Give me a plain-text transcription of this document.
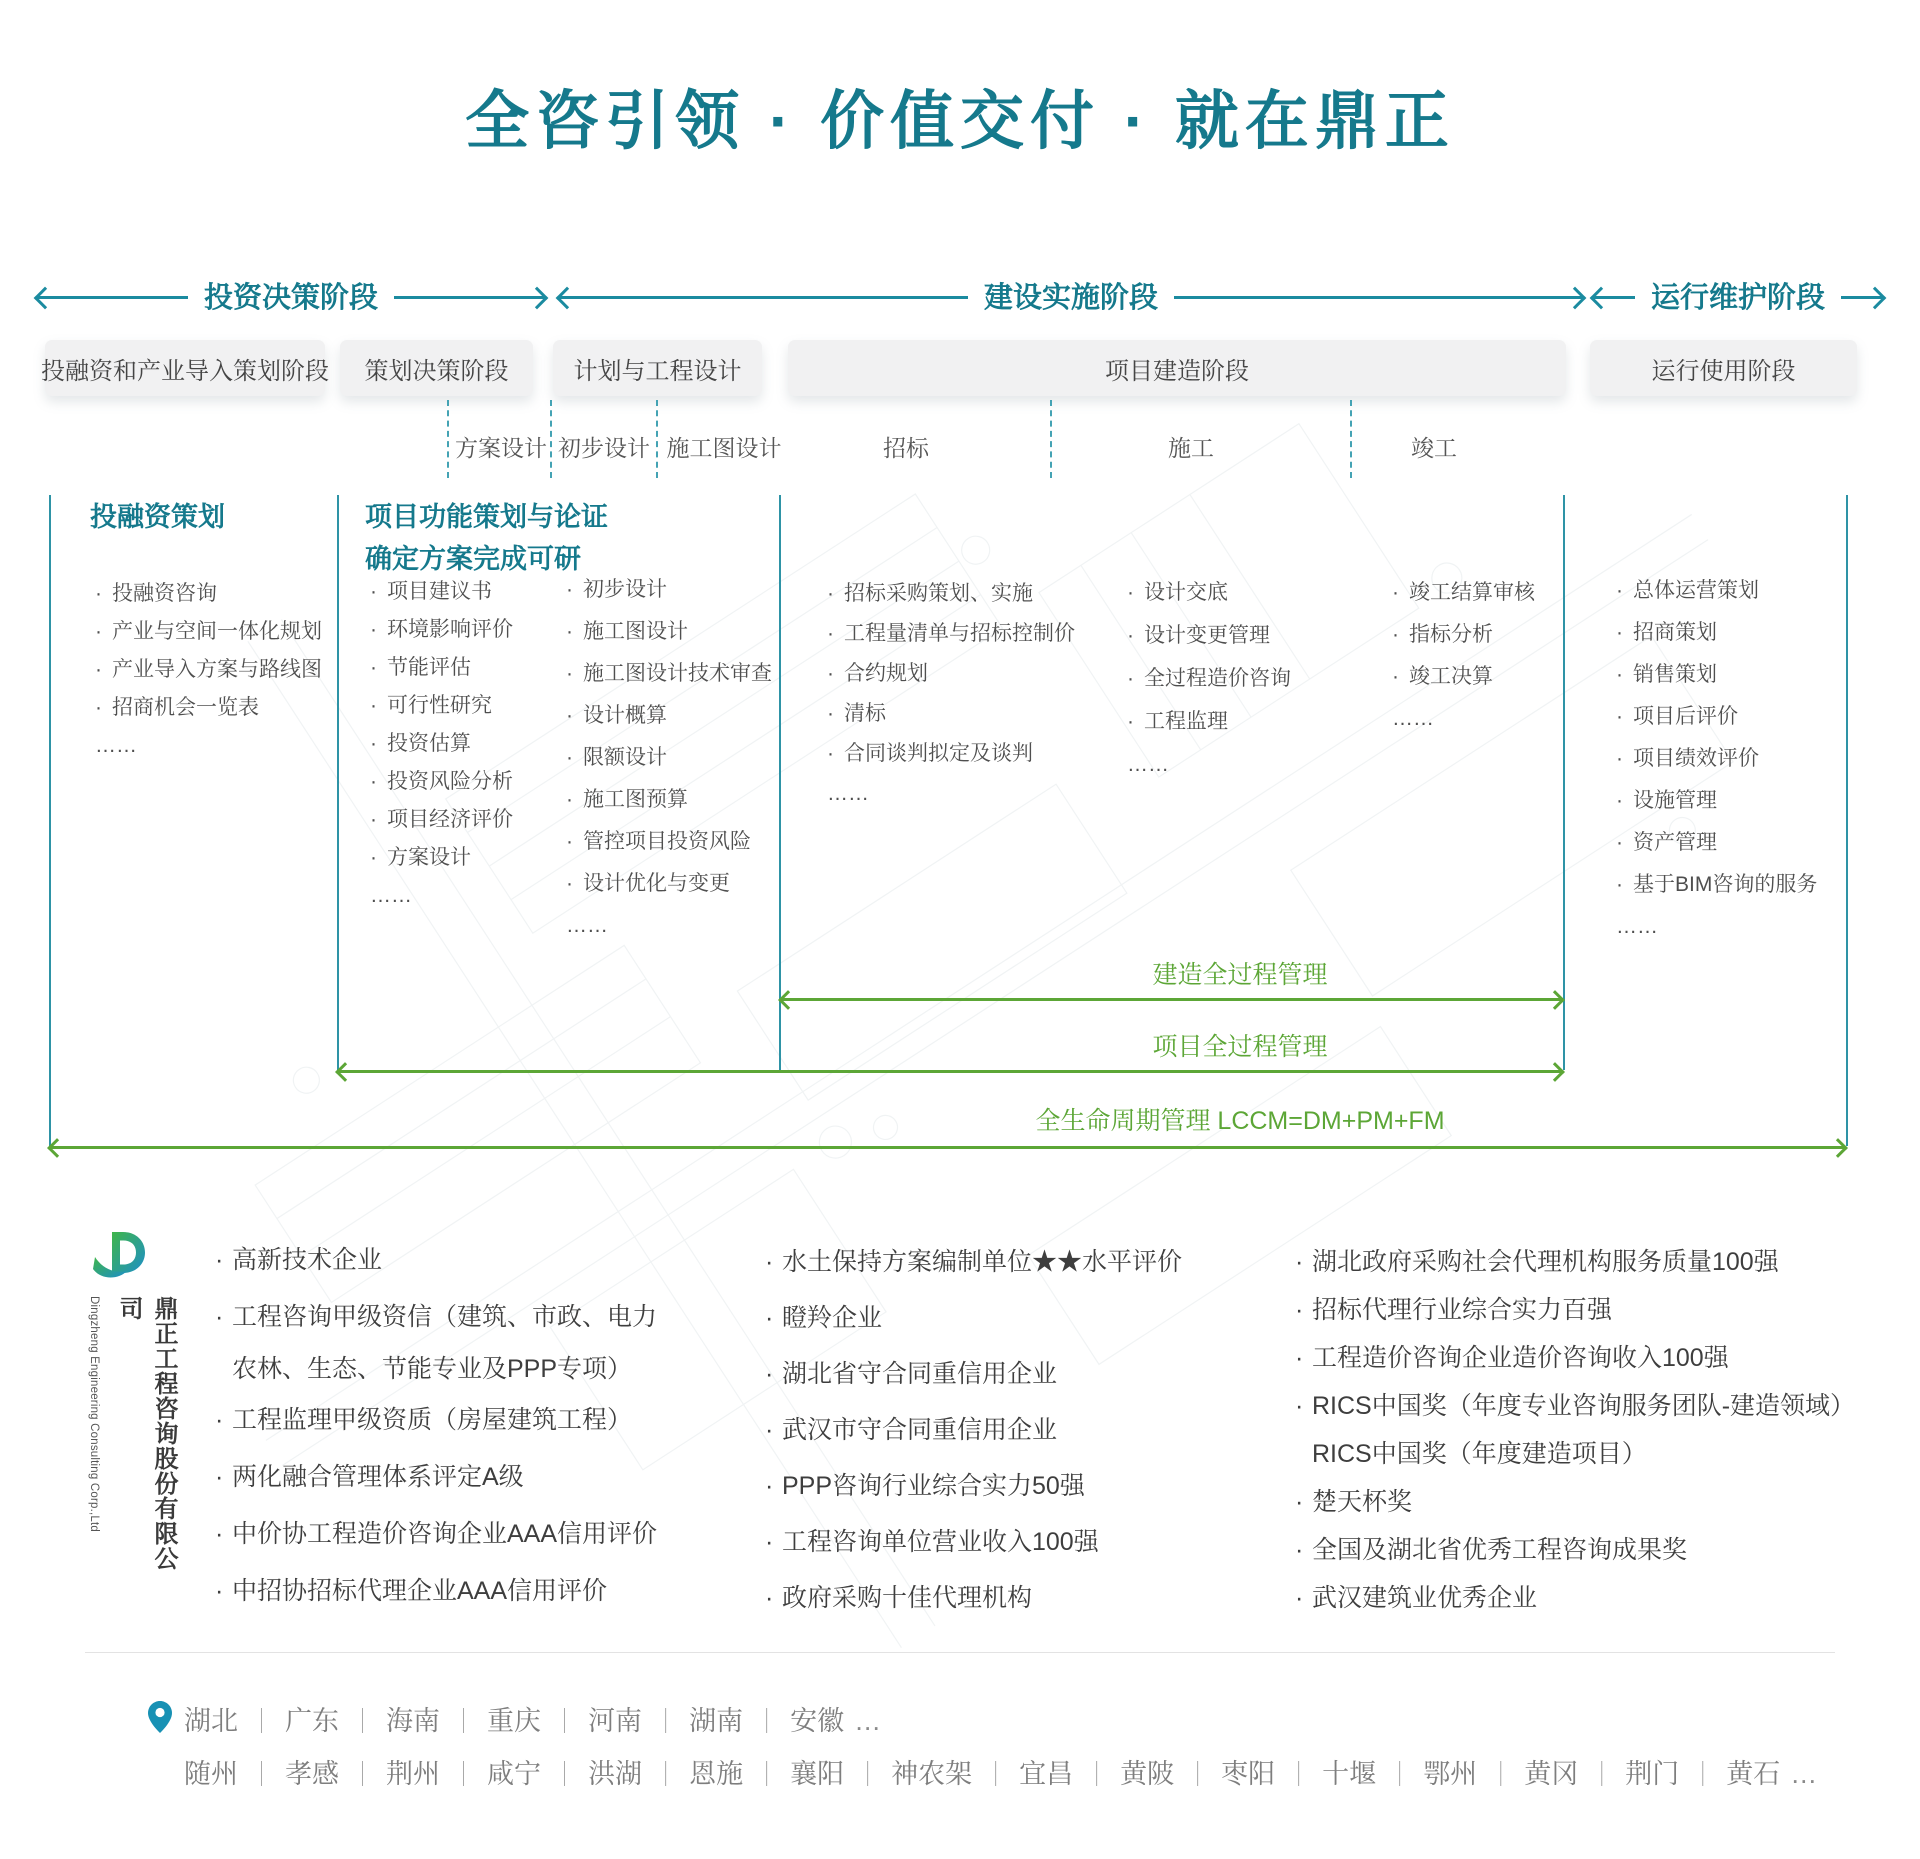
全咨引领 · 价值交付 · 就在鼎正
投资决策阶段	建设实施阶段	运行维护阶段
投融资和产业导入策划阶段	策划决策阶段	计划与工程设计	项目建造阶段	运行使用阶段
方案设计 初步设计 施工图设计	招标	施工	竣工
投融资策划	项目功能策划与论证
确定方案完成可研
· 投融资咨询
· 产业与空间一体化规划
· 产业导入方案与路线图
· 招商机会一览表
……
· 项目建议书
· 环境影响评价
· 节能评估
· 可行性研究
· 投资估算
· 投资风险分析
· 项目经济评价
· 方案设计
……
· 初步设计
· 施工图设计
· 施工图设计技术审查
· 设计概算
· 限额设计
· 施工图预算
· 管控项目投资风险
· 设计优化与变更
……
· 招标采购策划、实施
· 工程量清单与招标控制价
· 合约规划
· 清标
· 合同谈判拟定及谈判
……
· 设计交底
· 设计变更管理
· 全过程造价咨询
· 工程监理
……
· 竣工结算审核
· 指标分析
· 竣工决算
……
· 总体运营策划
· 招商策划
· 销售策划
· 项目后评价
· 项目绩效评价
· 设施管理
· 资产管理
· 基于BIM咨询的服务
……
建造全过程管理
项目全过程管理
全生命周期管理 LCCM=DM+PM+FM
鼎正工程咨询股份有限公司
Dingzheng Engineering Consulting Corp.,Ltd
· 高新技术企业
· 工程咨询甲级资信（建筑、市政、电力
农林、生态、节能专业及PPP专项）
· 工程监理甲级资质（房屋建筑工程）
· 两化融合管理体系评定A级
· 中价协工程造价咨询企业AAA信用评价
· 中招协招标代理企业AAA信用评价
· 水土保持方案编制单位★★水平评价
· 瞪羚企业
· 湖北省守合同重信用企业
· 武汉市守合同重信用企业
· PPP咨询行业综合实力50强
· 工程咨询单位营业收入100强
· 政府采购十佳代理机构
· 湖北政府采购社会代理机构服务质量100强
· 招标代理行业综合实力百强
· 工程造价咨询企业造价咨询收入100强
· RICS中国奖（年度专业咨询服务团队-建造领域）
RICS中国奖（年度建造项目）
· 楚天杯奖
· 全国及湖北省优秀工程咨询成果奖
· 武汉建筑业优秀企业
湖北 ｜ 广东 ｜ 海南 ｜ 重庆 ｜ 河南 ｜ 湖南 ｜ 安徽 …
随州 ｜ 孝感 ｜ 荆州 ｜ 咸宁 ｜ 洪湖 ｜ 恩施 ｜ 襄阳 ｜ 神农架 ｜ 宜昌 ｜ 黄陂 ｜ 枣阳 ｜ 十堰 ｜ 鄂州 ｜ 黄冈 ｜ 荆门 ｜ 黄石 …
